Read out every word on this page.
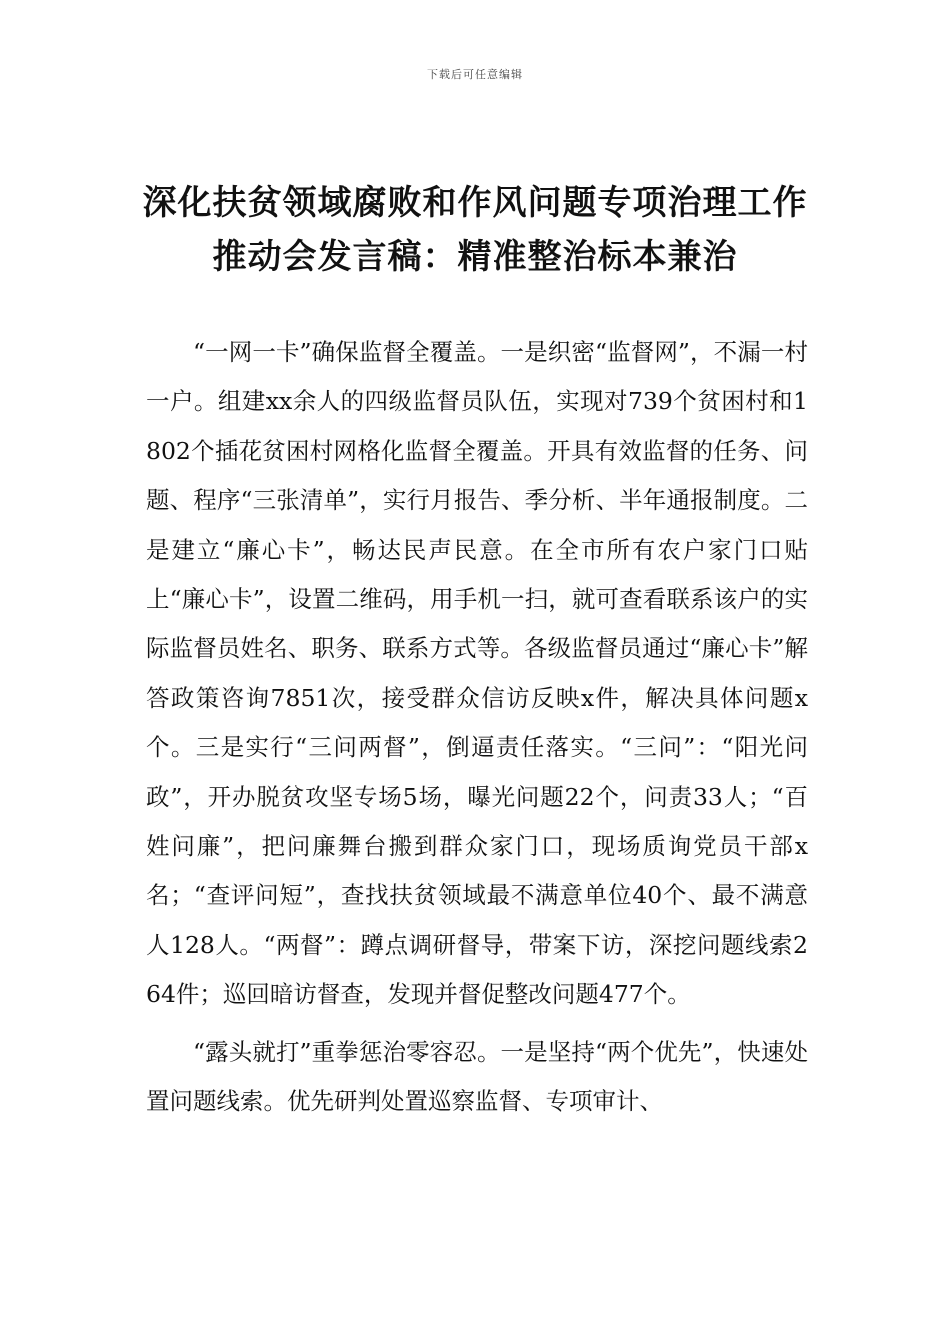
下载后可任意编辑
深化扶贫领域腐败和作风问题专项治理工作推动会发言稿：精准整治标本兼治

“一网一卡”确保监督全覆盖。一是织密“监督网”，不漏一村一户。组建xx余人的四级监督员队伍，实现对739个贫困村和1802个插花贫困村网格化监督全覆盖。开具有效监督的任务、问题、程序“三张清单”，实行月报告、季分析、半年通报制度。二是建立“廉心卡”，畅达民声民意。在全市所有农户家门口贴上“廉心卡”，设置二维码，用手机一扫，就可查看联系该户的实际监督员姓名、职务、联系方式等。各级监督员通过“廉心卡”解答政策咨询7851次，接受群众信访反映x件，解决具体问题x个。三是实行“三问两督”，倒逼责任落实。“三问”：“阳光问政”，开办脱贫攻坚专场5场，曝光问题22个，问责33人；“百姓问廉”，把问廉舞台搬到群众家门口，现场质询党员干部x名；“查评问短”，查找扶贫领域最不满意单位40个、最不满意人128人。“两督”：蹲点调研督导，带案下访，深挖问题线索264件；巡回暗访督查，发现并督促整改问题477个。

“露头就打”重拳惩治零容忍。一是坚持“两个优先”，快速处置问题线索。优先研判处置巡察监督、专项审计、
